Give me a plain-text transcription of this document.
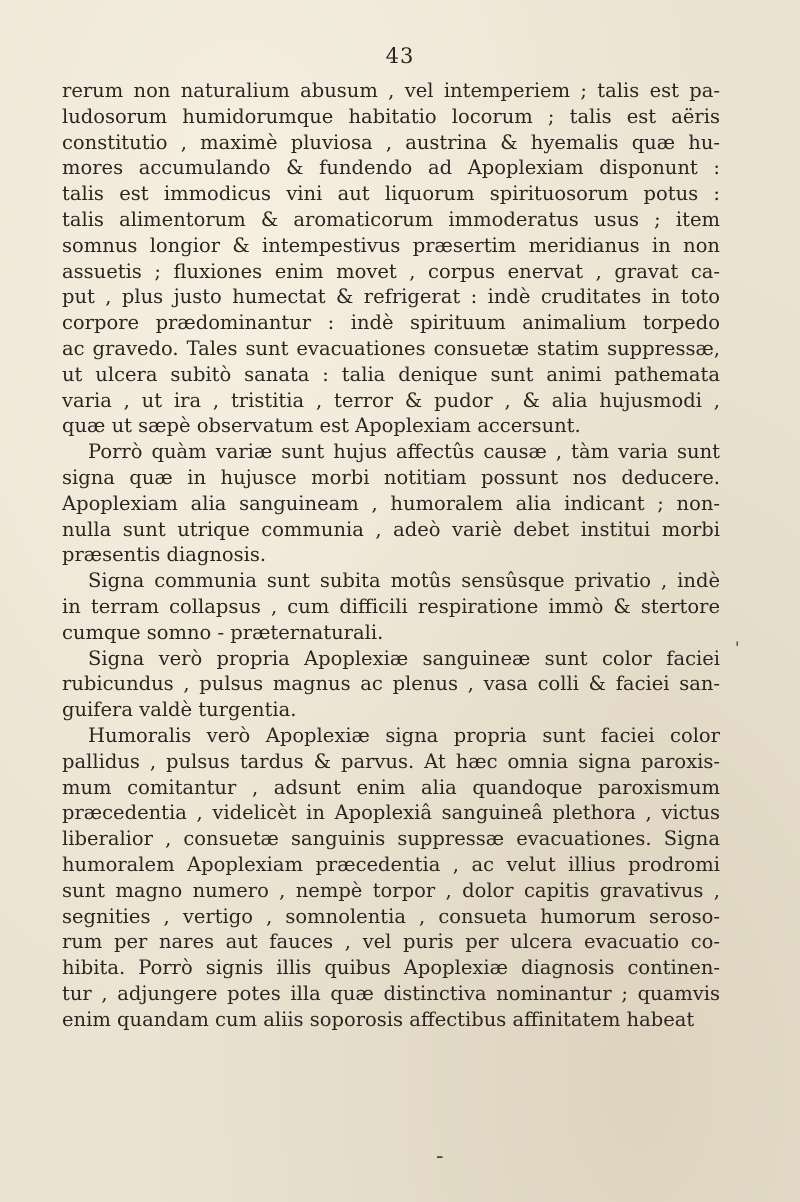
43
rerum non naturalium abusum , vel intemperiem ; talis est pa-
ludosorum humidorumque habitatio locorum ; talis est aëris
constitutio , maximè pluviosa , austrina & hyemalis quæ hu-
mores accumulando & fundendo ad Apoplexiam disponunt :
talis est immodicus vini aut liquorum spirituosorum potus :
talis alimentorum & aromaticorum immoderatus usus ; item
somnus longior & intempestivus præsertim meridianus in non
assuetis ; fluxiones enim movet , corpus enervat , gravat ca-
put , plus justo humectat & refrigerat : indè cruditates in toto
corpore prædominantur : indè spirituum animalium torpedo
ac gravedo. Tales sunt evacuationes consuetæ statim suppressæ,
ut ulcera subitò sanata : talia denique sunt animi pathemata
varia , ut ira , tristitia , terror & pudor , & alia hujusmodi ,
quæ ut sæpè observatum est Apoplexiam accersunt.
Porrò quàm variæ sunt hujus affectûs causæ , tàm varia sunt
signa quæ in hujusce morbi notitiam possunt nos deducere.
Apoplexiam alia sanguineam , humoralem alia indicant ; non-
nulla sunt utrique communia , adeò variè debet institui morbi
præsentis diagnosis.
Signa communia sunt subita motûs sensûsque privatio , indè
in terram collapsus , cum difficili respiratione immò & stertore
cumque somno - præternaturali.
Signa verò propria Apoplexiæ sanguineæ sunt color faciei
rubicundus , pulsus magnus ac plenus , vasa colli & faciei san-
guifera valdè turgentia.
Humoralis verò Apoplexiæ signa propria sunt faciei color
pallidus , pulsus tardus & parvus. At hæc omnia signa paroxis-
mum comitantur , adsunt enim alia quandoque paroxismum
præcedentia , videlicèt in Apoplexiâ sanguineâ plethora , victus
liberalior , consuetæ sanguinis suppressæ evacuationes. Signa
humoralem Apoplexiam præcedentia , ac velut illius prodromi
sunt magno numero , nempè torpor , dolor capitis gravativus ,
segnities , vertigo , somnolentia , consueta humorum seroso-
rum per nares aut fauces , vel puris per ulcera evacuatio co-
hibita. Porrò signis illis quibus Apoplexiæ diagnosis continen-
tur , adjungere potes illa quæ distinctiva nominantur ; quamvis
enim quandam cum aliis soporosis affectibus affinitatem habeat
-
'
